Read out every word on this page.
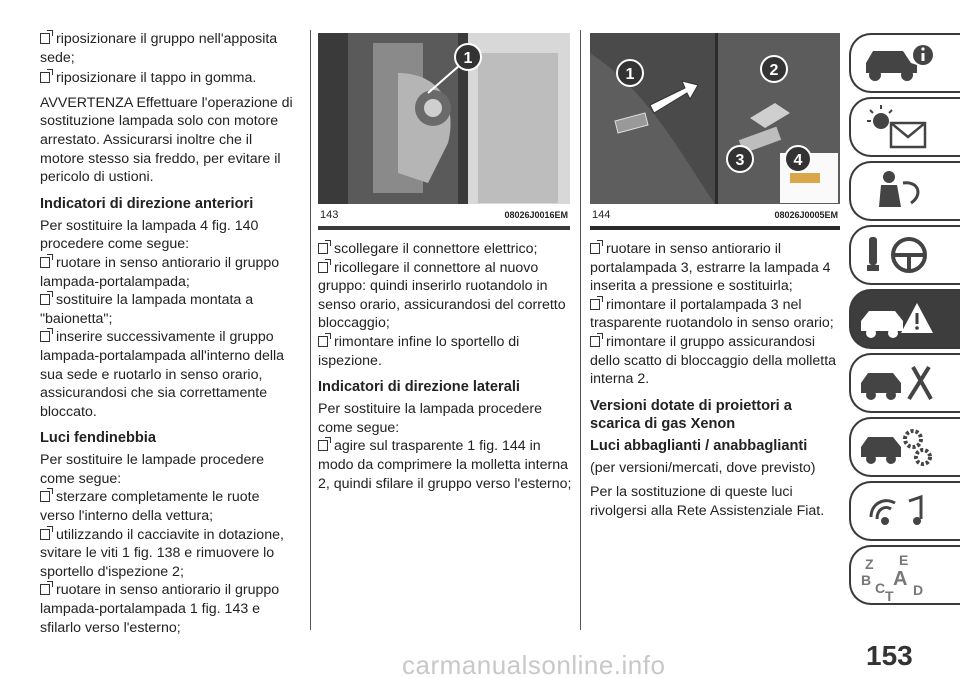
riposizionare il gruppo nell'apposita sede;

riposizionare il tappo in gomma.

AVVERTENZA Effettuare l'operazione di sostituzione lampada solo con motore arrestato. Assicurarsi inoltre che il motore stesso sia freddo, per evitare il pericolo di ustioni.

Indicatori di direzione anteriori

Per sostituire la lampada 4 fig. 140 procedere come segue:

ruotare in senso antiorario il gruppo lampada-portalampada;

sostituire la lampada montata a "baionetta";

inserire successivamente il gruppo lampada-portalampada all'interno della sua sede e ruotarlo in senso orario, assicurandosi che sia correttamente bloccato.

Luci fendinebbia

Per sostituire le lampade procedere come segue:

sterzare completamente le ruote verso l'interno della vettura;

utilizzando il cacciavite in dotazione, svitare le viti 1 fig. 138 e rimuovere lo sportello d'ispezione 2;

ruotare in senso antiorario il gruppo lampada-portalampada 1 fig. 143 e sfilarlo verso l'esterno;

1
143	08026J0016EM
1	2
3	4
144	08026J0005EM

scollegare il connettore elettrico;

ricollegare il connettore al nuovo gruppo: quindi inserirlo ruotandolo in senso orario, assicurandosi del corretto bloccaggio;

rimontare infine lo sportello di ispezione.

Indicatori di direzione laterali

Per sostituire la lampada procedere come segue:

agire sul trasparente 1 fig. 144 in modo da comprimere la molletta interna 2, quindi sfilare il gruppo verso l'esterno;

ruotare in senso antiorario il portalampada 3, estrarre la lampada 4 inserita a pressione e sostituirla;

rimontare il portalampada 3 nel trasparente ruotandolo in senso orario;

rimontare il gruppo assicurandosi dello scatto di bloccaggio della molletta interna 2.

Versioni dotate di proiettori a scarica di gas Xenon
Luci abbaglianti / anabbaglianti

(per versioni/mercati, dove previsto)

Per la sostituzione di queste luci rivolgersi alla Rete Assistenziale Fiat.

Z E
B A
C D
T
153
carmanualsonline.info
